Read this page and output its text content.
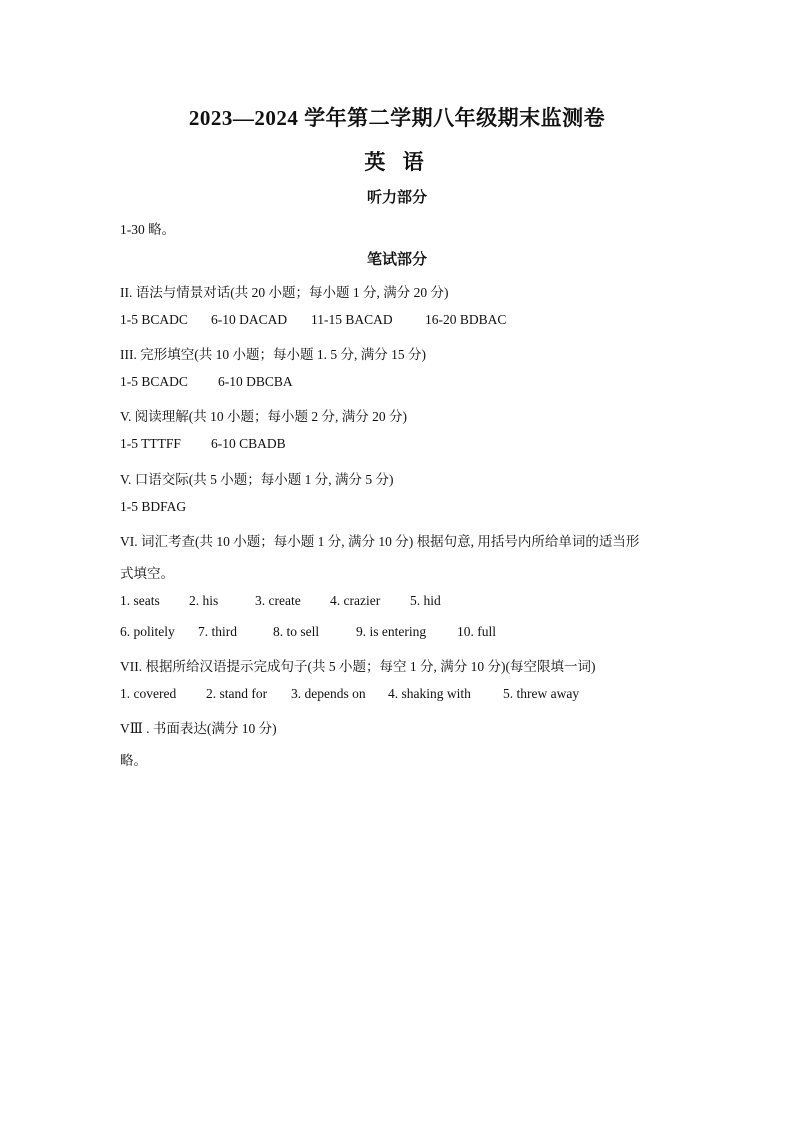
2023—2024 学年第二学期八年级期末监测卷
英 语
听力部分
1-30 略。
笔试部分
II. 语法与情景对话(共 20 小题；每小题 1 分, 满分 20 分)
1-5 BCADC 6-10 DACAD 11-15 BACAD 16-20 BDBAC
III. 完形填空(共 10 小题；每小题 1. 5 分, 满分 15 分)
1-5 BCADC 6-10 DBCBA
V. 阅读理解(共 10 小题；每小题 2 分, 满分 20 分)
1-5 TTTFF 6-10 CBADB
V. 口语交际(共 5 小题；每小题 1 分, 满分 5 分)
1-5 BDFAG
VI. 词汇考查(共 10 小题；每小题 1 分, 满分 10 分) 根据句意, 用括号内所给单词的适当形
式填空。
1. seats 2. his	3. create 4. crazier 5. hid
6. politely 7. third	8. to sell	9. is entering 10. full
VII. 根据所给汉语提示完成句子(共 5 小题；每空 1 分, 满分 10 分)(每空限填一词)
1. covered 2. stand for 3. depends on 4. shaking with 5. threw away
VⅢ . 书面表达(满分 10 分)
略。
